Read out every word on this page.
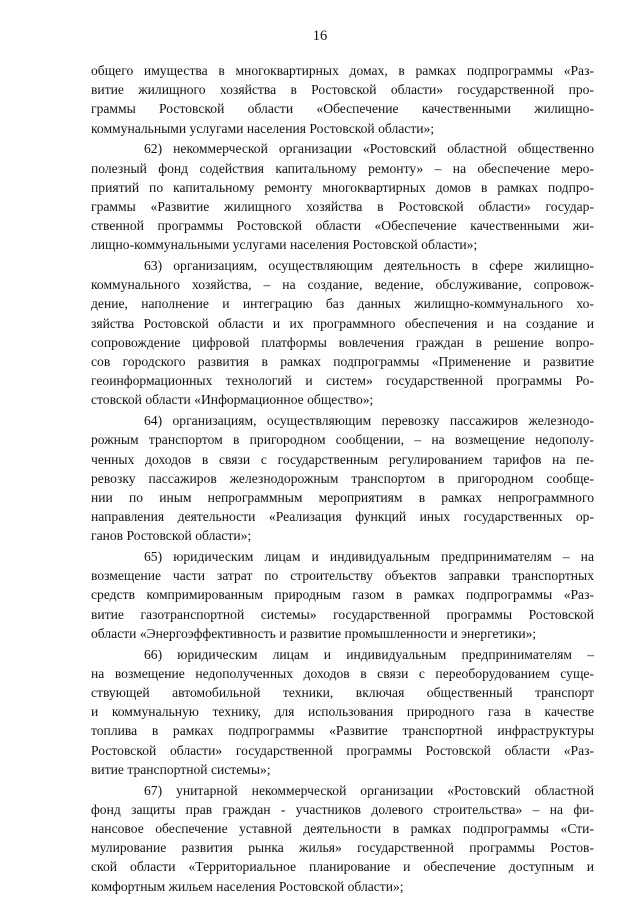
16

общего имущества в многоквартирных домах, в рамках подпрограммы «Раз-
витие жилищного хозяйства в Ростовской области» государственной про-
граммы Ростовской области «Обеспечение качественными жилищно-
коммунальными услугами населения Ростовской области»;

62) некоммерческой организации «Ростовский областной общественно
полезный фонд содействия капитальному ремонту» – на обеспечение меро-
приятий по капитальному ремонту многоквартирных домов в рамках подпро-
граммы «Развитие жилищного хозяйства в Ростовской области» государ-
ственной программы Ростовской области «Обеспечение качественными жи-
лищно-коммунальными услугами населения Ростовской области»;

63) организациям, осуществляющим деятельность в сфере жилищно-
коммунального хозяйства, – на создание, ведение, обслуживание, сопровож-
дение, наполнение и интеграцию баз данных жилищно-коммунального хо-
зяйства Ростовской области и их программного обеспечения и на создание и
сопровождение цифровой платформы вовлечения граждан в решение вопро-
сов городского развития в рамках подпрограммы «Применение и развитие
геоинформационных технологий и систем» государственной программы Ро-
стовской области «Информационное общество»;

64) организациям, осуществляющим перевозку пассажиров железнодо-
рожным транспортом в пригородном сообщении, – на возмещение недополу-
ченных доходов в связи с государственным регулированием тарифов на пе-
ревозку пассажиров железнодорожным транспортом в пригородном сообще-
нии по иным непрограммным мероприятиям в рамках непрограммного
направления деятельности «Реализация функций иных государственных ор-
ганов Ростовской области»;

65) юридическим лицам и индивидуальным предпринимателям – на
возмещение части затрат по строительству объектов заправки транспортных
средств компримированным природным газом в рамках подпрограммы «Раз-
витие газотранспортной системы» государственной программы Ростовской
области «Энергоэффективность и развитие промышленности и энергетики»;

66) юридическим лицам и индивидуальным предпринимателям –
на возмещение недополученных доходов в связи с переоборудованием суще-
ствующей автомобильной техники, включая общественный транспорт
и коммунальную технику, для использования природного газа в качестве
топлива в рамках подпрограммы «Развитие транспортной инфраструктуры
Ростовской области» государственной программы Ростовской области «Раз-
витие транспортной системы»;

67) унитарной некоммерческой организации «Ростовский областной
фонд защиты прав граждан - участников долевого строительства» – на фи-
нансовое обеспечение уставной деятельности в рамках подпрограммы «Сти-
мулирование развития рынка жилья» государственной программы Ростов-
ской области «Территориальное планирование и обеспечение доступным и
комфортным жильем населения Ростовской области»;
